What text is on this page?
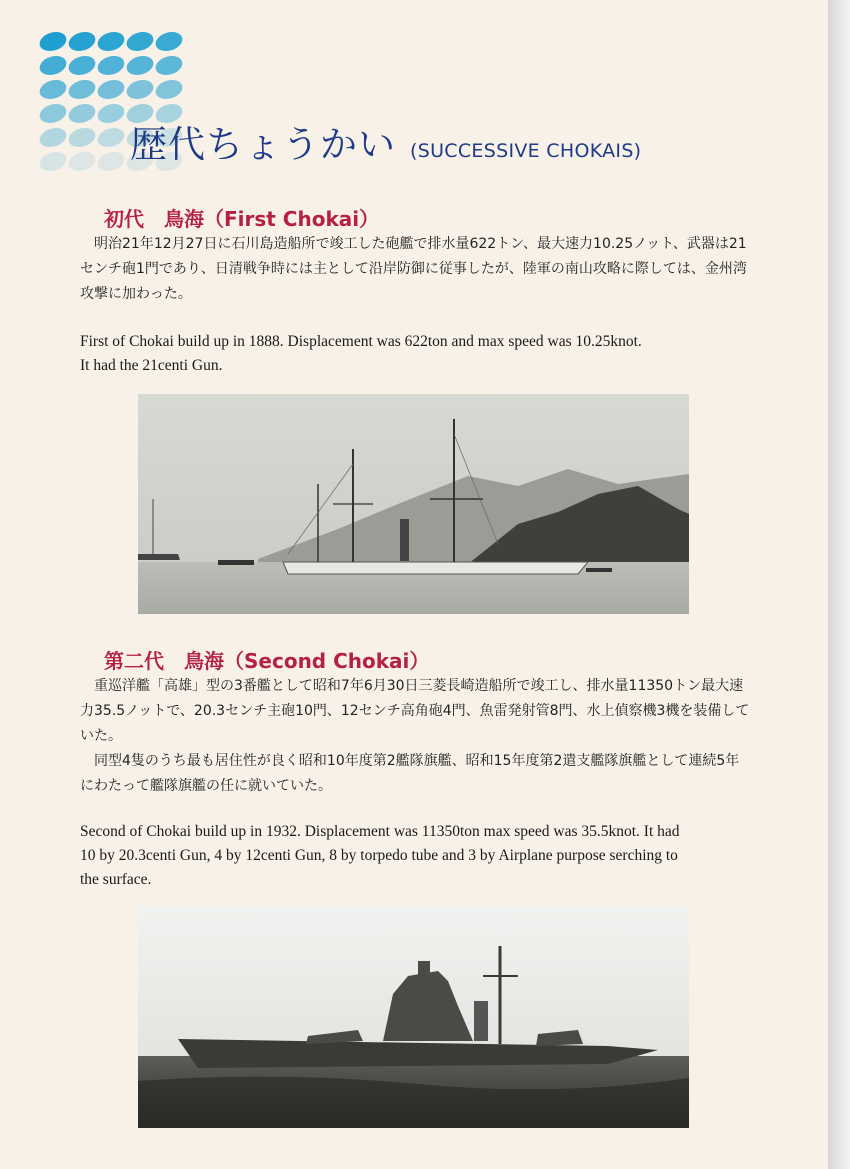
歴代ちょうかい (SUCCESSIVE CHOKAIS)
初代　鳥海（First Chokai）

明治21年12月27日に石川島造船所で竣工した砲艦で排水量622トン、最大速力10.25ノット、武器は21センチ砲1門であり、日清戦争時には主として沿岸防御に従事したが、陸軍の南山攻略に際しては、金州湾攻撃に加わった。

First of Chokai build up in 1888. Displacement was 622ton and max speed was 10.25knot.
It had the 21centi Gun.
第二代　鳥海（Second Chokai）

重巡洋艦「高雄」型の3番艦として昭和7年6月30日三菱長崎造船所で竣工し、排水量11350トン最大速力35.5ノットで、20.3センチ主砲10門、12センチ高角砲4門、魚雷発射管8門、水上偵察機3機を装備していた。

同型4隻のうち最も居住性が良く昭和10年度第2艦隊旗艦、昭和15年度第2遣支艦隊旗艦として連続5年にわたって艦隊旗艦の任に就いていた。

Second of Chokai build up in 1932. Displacement was 11350ton max speed was 35.5knot. It had
10 by 20.3centi Gun, 4 by 12centi Gun, 8 by torpedo tube and 3 by Airplane purpose serching to
the surface.
